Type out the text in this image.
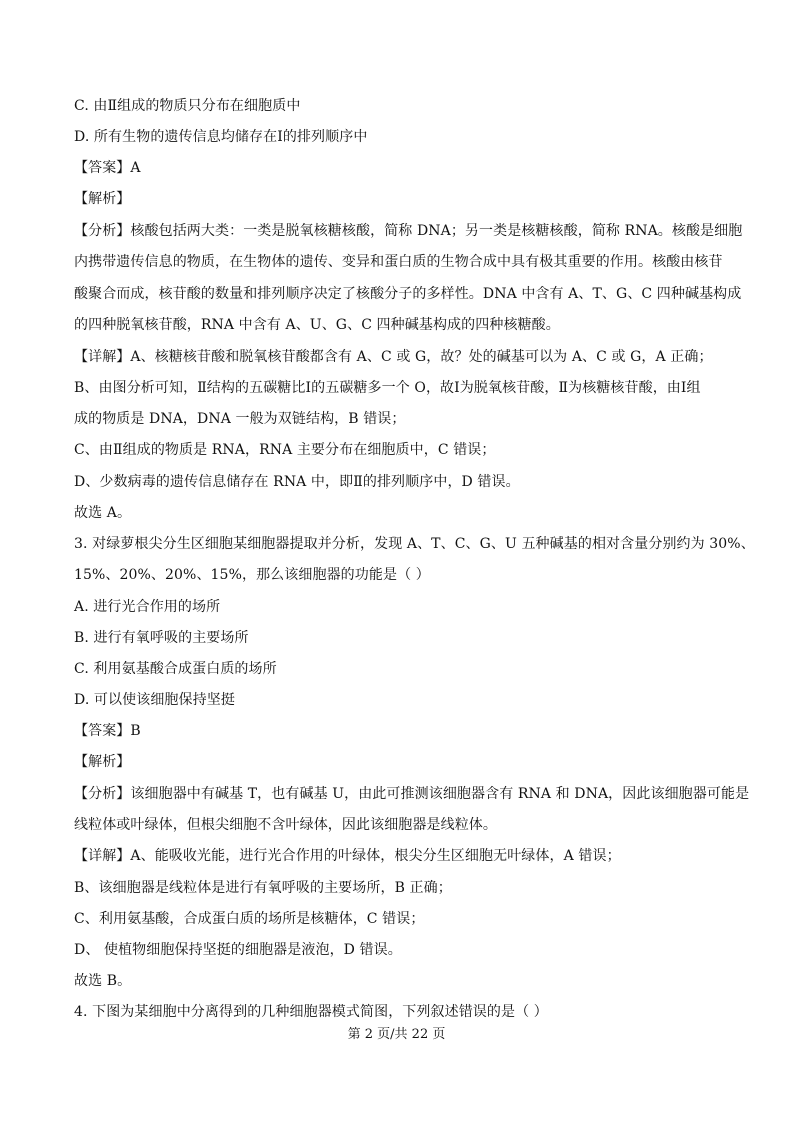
C. 由Ⅱ组成的物质只分布在细胞质中
D. 所有生物的遗传信息均储存在Ⅰ的排列顺序中
【答案】A
【解析】
【分析】核酸包括两大类：一类是脱氧核糖核酸，简称 DNA；另一类是核糖核酸，简称 RNA。核酸是细胞
内携带遗传信息的物质，在生物体的遗传、变异和蛋白质的生物合成中具有极其重要的作用。核酸由核苷
酸聚合而成，核苷酸的数量和排列顺序决定了核酸分子的多样性。DNA 中含有 A、T、G、C 四种碱基构成
的四种脱氧核苷酸，RNA 中含有 A、U、G、C 四种碱基构成的四种核糖酸。
【详解】A、核糖核苷酸和脱氧核苷酸都含有 A、C 或 G，故？处的碱基可以为 A、C 或 G，A 正确；
B、由图分析可知，Ⅱ结构的五碳糖比Ⅰ的五碳糖多一个 O，故Ⅰ为脱氧核苷酸，Ⅱ为核糖核苷酸，由Ⅰ组
成的物质是 DNA，DNA 一般为双链结构，B 错误；
C、由Ⅱ组成的物质是 RNA，RNA 主要分布在细胞质中，C 错误；
D、少数病毒的遗传信息储存在 RNA 中，即Ⅱ的排列顺序中，D 错误。
故选 A。
3. 对绿萝根尖分生区细胞某细胞器提取并分析，发现 A、T、C、G、U 五种碱基的相对含量分别约为 30%、
15%、20%、20%、15%，那么该细胞器的功能是（ ）
A. 进行光合作用的场所
B. 进行有氧呼吸的主要场所
C. 利用氨基酸合成蛋白质的场所
D. 可以使该细胞保持坚挺
【答案】B
【解析】
【分析】该细胞器中有碱基 T，也有碱基 U，由此可推测该细胞器含有 RNA 和 DNA，因此该细胞器可能是
线粒体或叶绿体，但根尖细胞不含叶绿体，因此该细胞器是线粒体。
【详解】A、能吸收光能，进行光合作用的叶绿体，根尖分生区细胞无叶绿体，A 错误；
B、该细胞器是线粒体是进行有氧呼吸的主要场所，B 正确；
C、利用氨基酸，合成蛋白质的场所是核糖体，C 错误；
D、 使植物细胞保持坚挺的细胞器是液泡，D 错误。
故选 B。
4. 下图为某细胞中分离得到的几种细胞器模式简图，下列叙述错误的是（ ）
第 2 页/共 22 页
